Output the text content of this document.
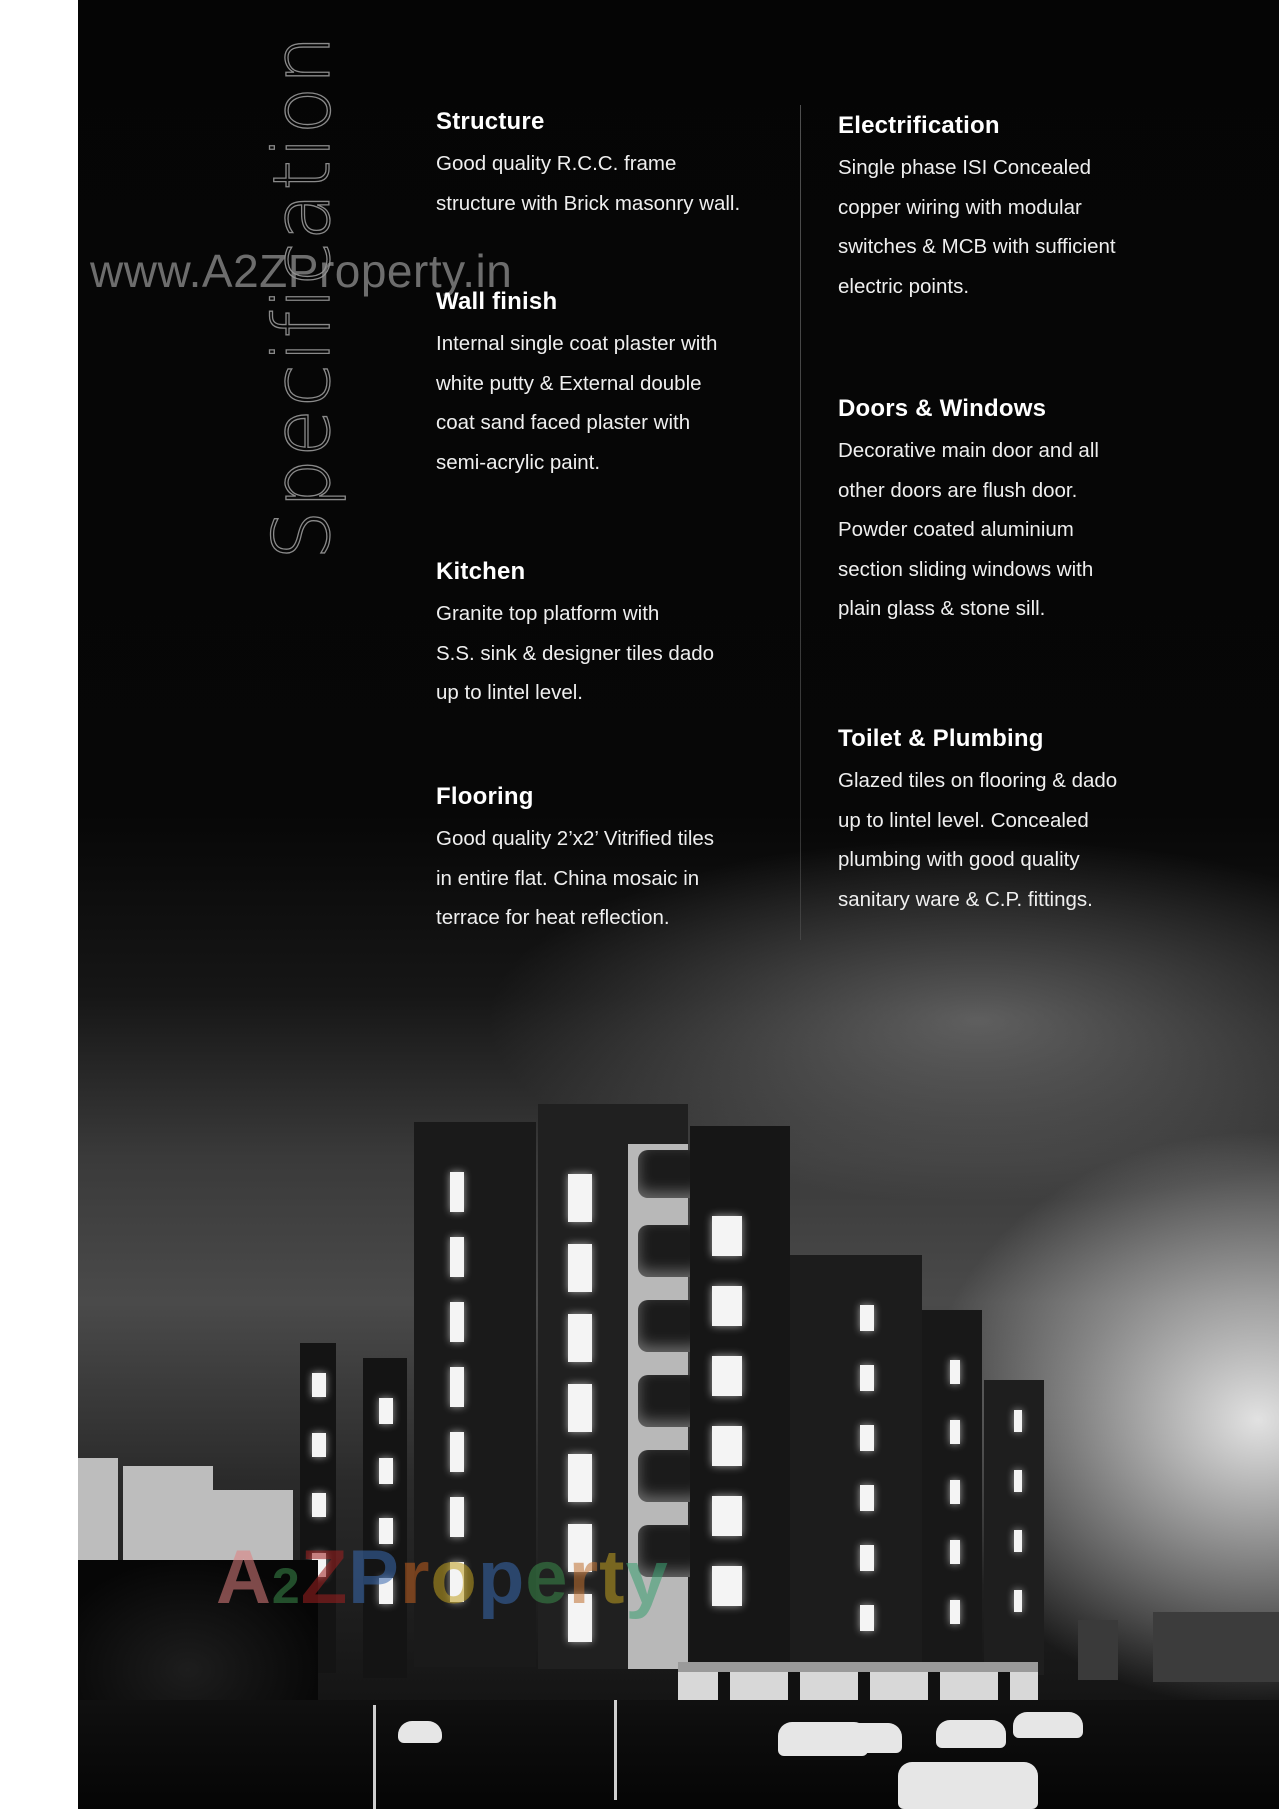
Specification
www.A2ZProperty.in
Structure

Good quality R.C.C. frame

structure with Brick masonry wall.

Wall finish

Internal single coat plaster with

white putty & External double

coat sand faced plaster with

semi-acrylic paint.

Kitchen

Granite top platform with

S.S. sink & designer tiles dado

up to lintel level.

Flooring

Good quality 2’x2’ Vitrified tiles

in entire flat. China mosaic in

terrace for heat reflection.

Electrification

Single phase ISI Concealed

copper wiring with modular

switches & MCB with sufficient

electric points.

Doors & Windows

Decorative main door and all

other doors are flush door.

Powder coated aluminium

section sliding windows with

plain glass & stone sill.

Toilet & Plumbing

Glazed tiles on flooring & dado

up to lintel level. Concealed

plumbing with good quality

sanitary ware & C.P. fittings.

A2ZProperty
